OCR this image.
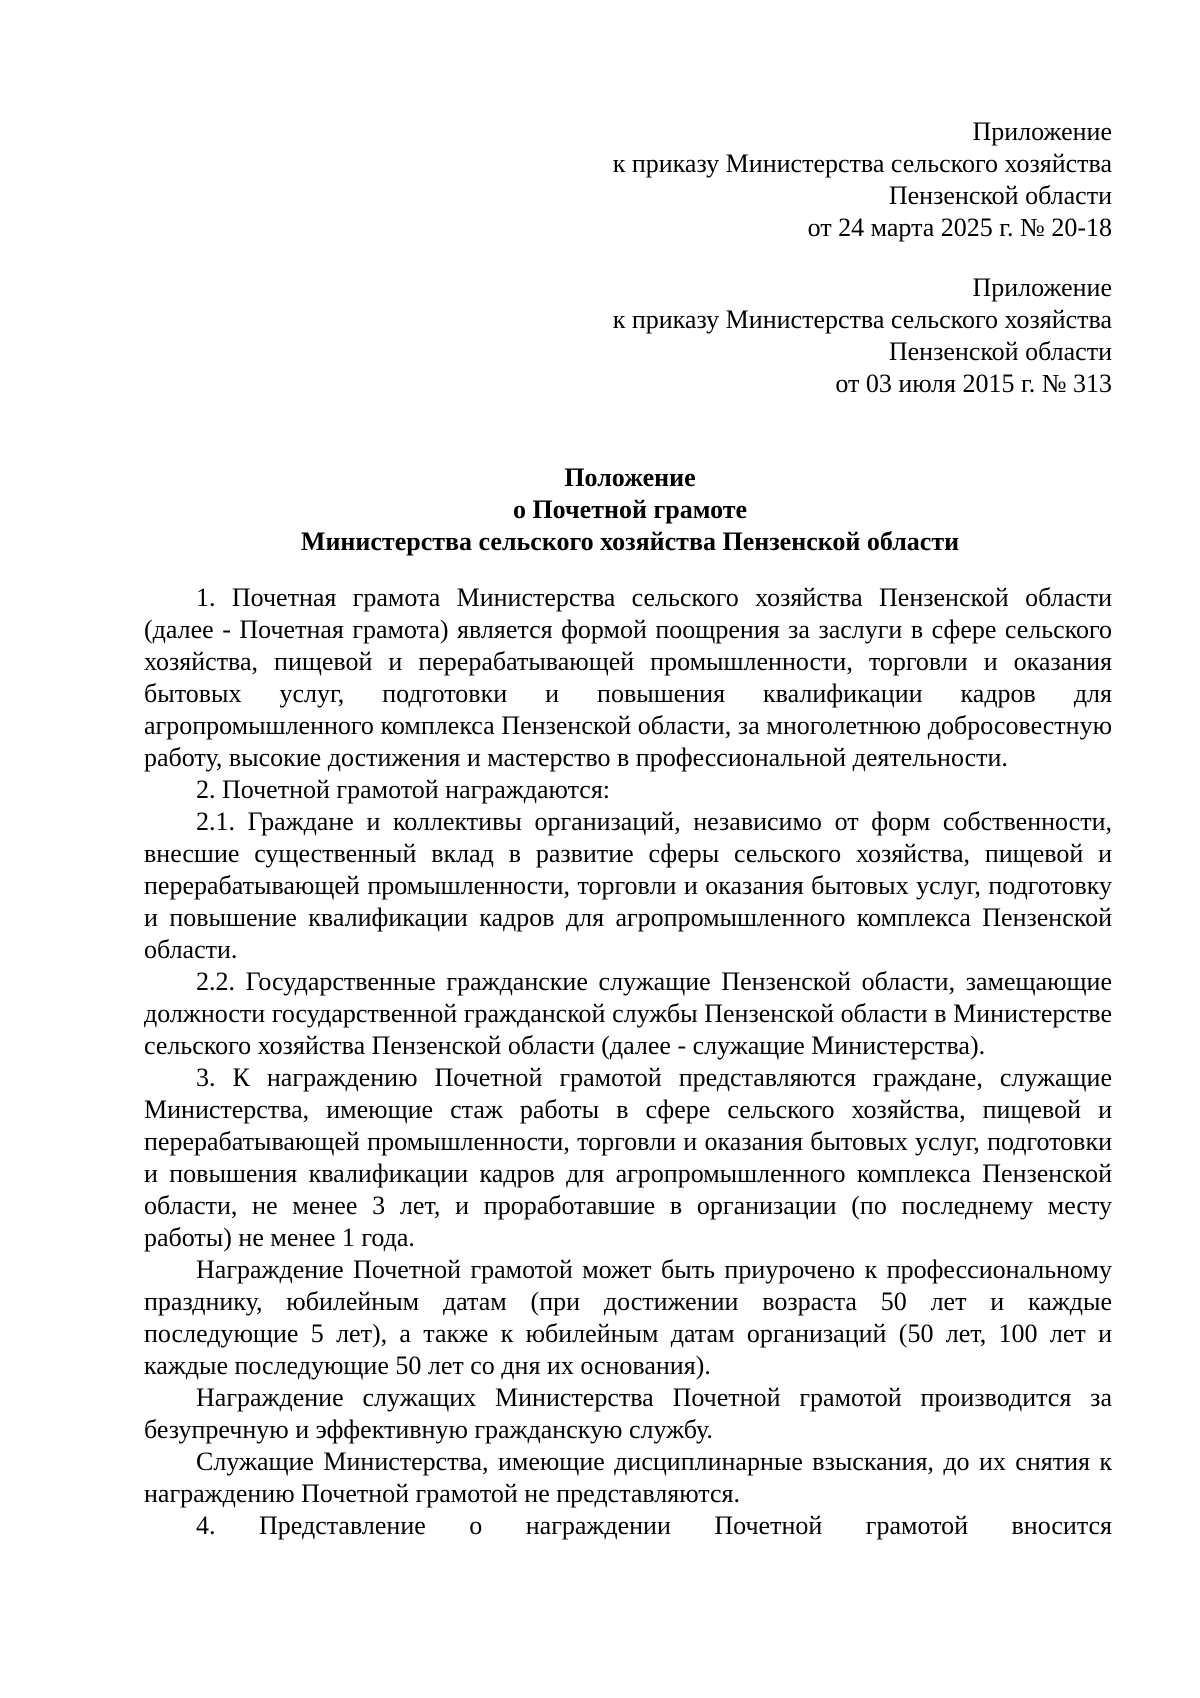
Приложение
к приказу Министерства сельского хозяйства
Пензенской области
от 24 марта 2025 г. № 20-18
Приложение
к приказу Министерства сельского хозяйства
Пензенской области
от 03 июля 2015 г. № 313
Положение
о Почетной грамоте
Министерства сельского хозяйства Пензенской области

1. Почетная грамота Министерства сельского хозяйства Пензенской области (далее - Почетная грамота) является формой поощрения за заслуги в сфере сельского хозяйства, пищевой и перерабатывающей промышленности, торговли и оказания бытовых услуг, подготовки и повышения квалификации кадров для агропромышленного комплекса Пензенской области, за многолетнюю добросовестную работу, высокие достижения и мастерство в профессиональной деятельности.

2. Почетной грамотой награждаются:

2.1. Граждане и коллективы организаций, независимо от форм собственности, внесшие существенный вклад в развитие сферы сельского хозяйства, пищевой и перерабатывающей промышленности, торговли и оказания бытовых услуг, подготовку и повышение квалификации кадров для агропромышленного комплекса Пензенской области.

2.2. Государственные гражданские служащие Пензенской области, замещающие должности государственной гражданской службы Пензенской области в Министерстве сельского хозяйства Пензенской области (далее - служащие Министерства).

3. К награждению Почетной грамотой представляются граждане, служащие Министерства, имеющие стаж работы в сфере сельского хозяйства, пищевой и перерабатывающей промышленности, торговли и оказания бытовых услуг, подготовки и повышения квалификации кадров для агропромышленного комплекса Пензенской области, не менее 3 лет, и проработавшие в организации (по последнему месту работы) не менее 1 года.

Награждение Почетной грамотой может быть приурочено к профессиональному празднику, юбилейным датам (при достижении возраста 50 лет и каждые последующие 5 лет), а также к юбилейным датам организаций (50 лет, 100 лет и каждые последующие 50 лет со дня их основания).

Награждение служащих Министерства Почетной грамотой производится за безупречную и эффективную гражданскую службу.

Служащие Министерства, имеющие дисциплинарные взыскания, до их снятия к награждению Почетной грамотой не представляются.

4. Представление о награждении Почетной грамотой вносится
